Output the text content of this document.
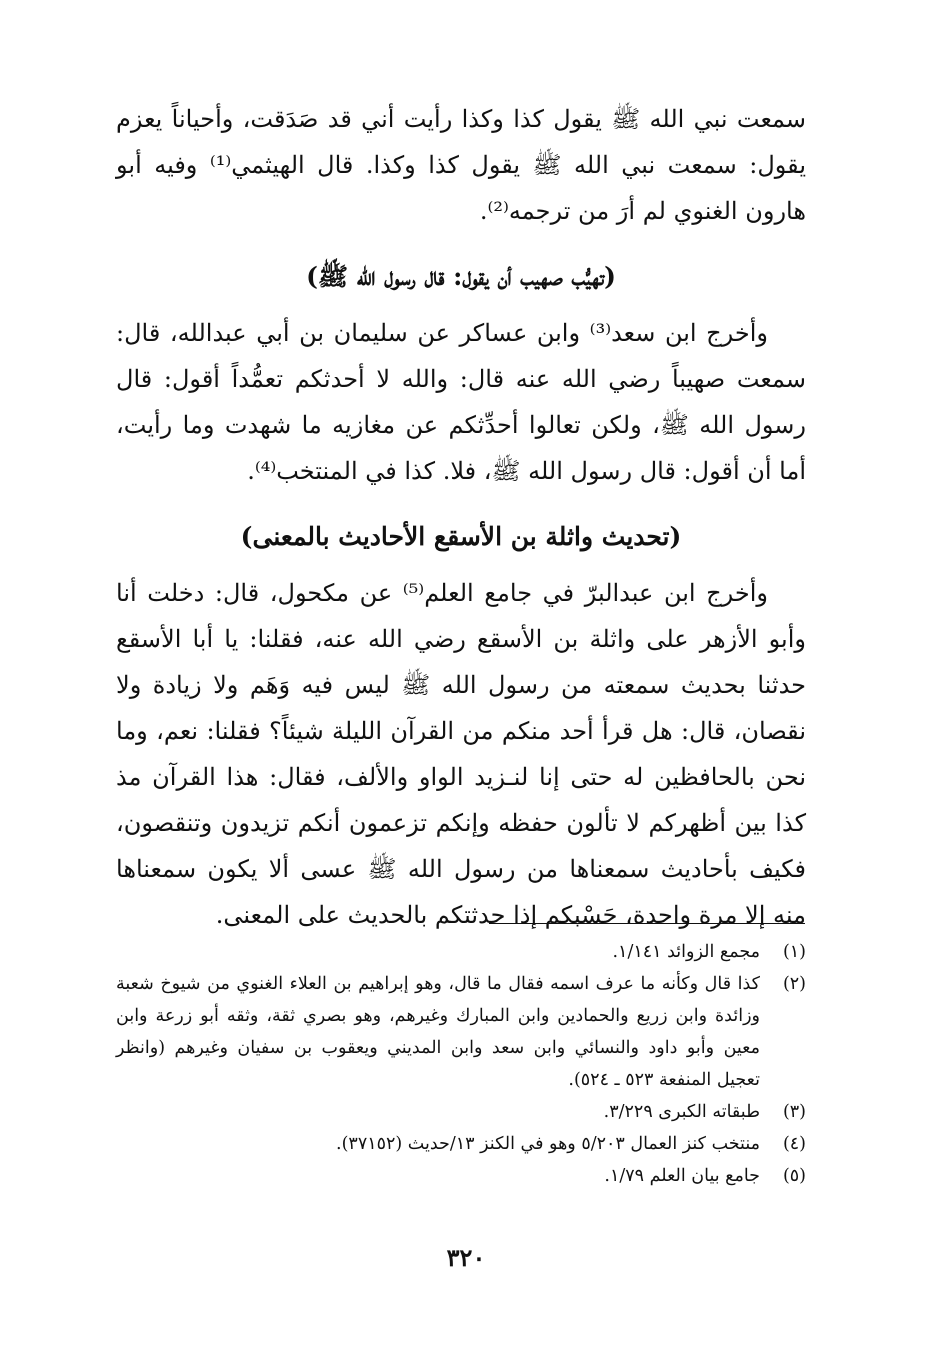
سمعت نبي الله ﷺ يقول كذا وكذا رأيت أني قد صَدَقت، وأحياناً يعزم يقول: سمعت نبي الله ﷺ يقول كذا وكذا. قال الهيثمي⁽¹⁾ وفيه أبو هارون الغنوي لم أرَ من ترجمه⁽²⁾.

(تهيُّب صهيب أن يقول: قال رسول الله ﷺ)

وأخرج ابن سعد⁽³⁾ وابن عساكر عن سليمان بن أبي عبدالله، قال: سمعت صهيباً رضي الله عنه قال: والله لا أحدثكم تعمُّداً أقول: قال رسول الله ﷺ، ولكن تعالوا أحدِّثكم عن مغازيه ما شهدت وما رأيت، أما أن أقول: قال رسول الله ﷺ، فلا. كذا في المنتخب⁽⁴⁾.

(تحديث واثلة بن الأسقع الأحاديث بالمعنى)

وأخرج ابن عبدالبرّ في جامع العلم⁽⁵⁾ عن مكحول، قال: دخلت أنا وأبو الأزهر على واثلة بن الأسقع رضي الله عنه، فقلنا: يا أبا الأسقع حدثنا بحديث سمعته من رسول الله ﷺ ليس فيه وَهَم ولا زيادة ولا نقصان، قال: هل قرأ أحد منكم من القرآن الليلة شيئاً؟ فقلنا: نعم، وما نحن بالحافظين له حتى إنا لنـزيد الواو والألف، فقال: هذا القرآن مذ كذا بين أظهركم لا تألون حفظه وإنكم تزعمون أنكم تزيدون وتنقصون، فكيف بأحاديث سمعناها من رسول الله ﷺ عسى ألا يكون سمعناها منه إلا مرة واحدة، حَسْبكم إذا حدثتكم بالحديث على المعنى.

(١)
مجمع الزوائد ١/١٤١.
(٢)
كذا قال وكأنه ما عرف اسمه فقال ما قال، وهو إبراهيم بن العلاء الغنوي من شيوخ شعبة وزائدة وابن زريع والحمادين وابن المبارك وغيرهم، وهو بصري ثقة، وثقه أبو زرعة وابن معين وأبو داود والنسائي وابن سعد وابن المديني ويعقوب بن سفيان وغيرهم (وانظر تعجيل المنفعة ٥٢٣ ـ ٥٢٤).
(٣)
طبقاته الكبرى ٣/٢٢٩.
(٤)
منتخب كنز العمال ٥/٢٠٣ وهو في الكنز ١٣/حديث (٣٧١٥٢).
(٥)
جامع بيان العلم ١/٧٩.
٣٢٠
